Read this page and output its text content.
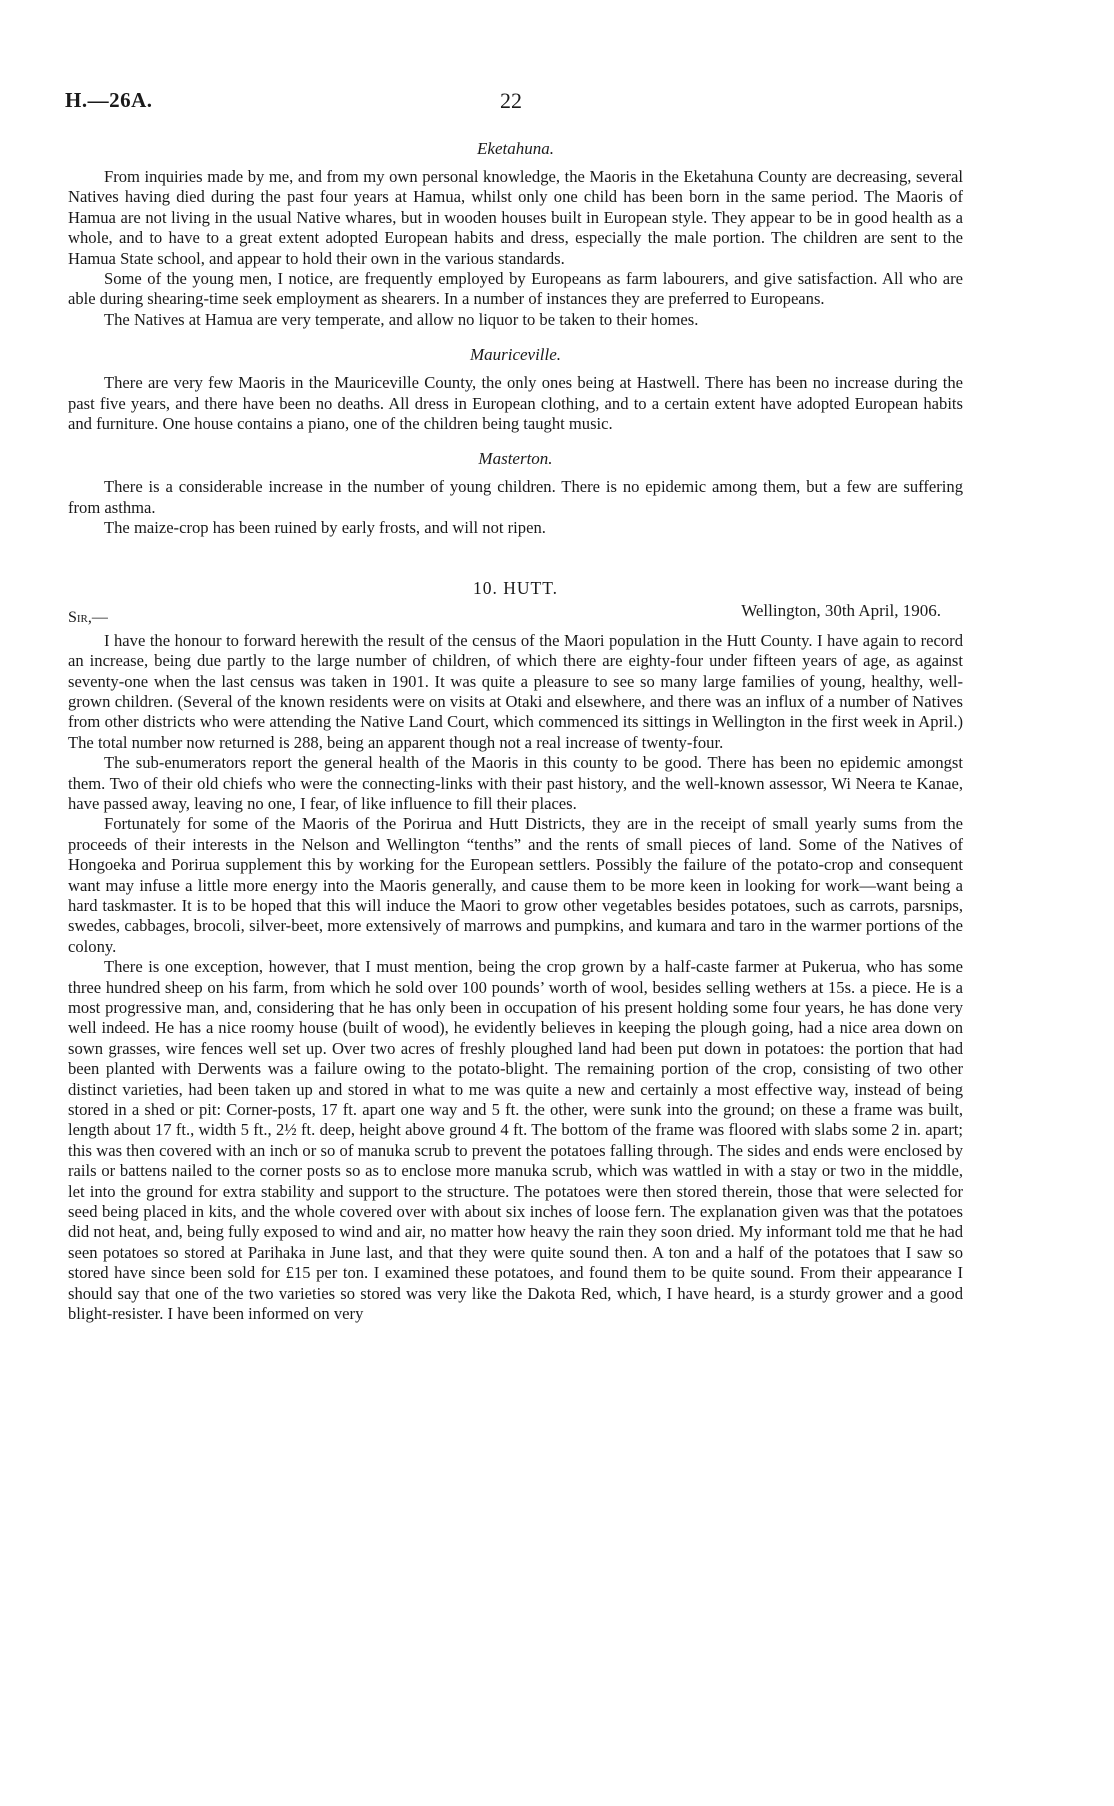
H.—26A.	22
Eketahuna.

From inquiries made by me, and from my own personal knowledge, the Maoris in the Eketahuna County are decreasing, several Natives having died during the past four years at Hamua, whilst only one child has been born in the same period. The Maoris of Hamua are not living in the usual Native whares, but in wooden houses built in European style. They appear to be in good health as a whole, and to have to a great extent adopted European habits and dress, especially the male portion. The children are sent to the Hamua State school, and appear to hold their own in the various standards.

Some of the young men, I notice, are frequently employed by Europeans as farm labourers, and give satisfaction. All who are able during shearing-time seek employment as shearers. In a number of instances they are preferred to Europeans.

The Natives at Hamua are very temperate, and allow no liquor to be taken to their homes.

Mauriceville.

There are very few Maoris in the Mauriceville County, the only ones being at Hastwell. There has been no increase during the past five years, and there have been no deaths. All dress in European clothing, and to a certain extent have adopted European habits and furniture. One house contains a piano, one of the children being taught music.

Masterton.

There is a considerable increase in the number of young children. There is no epidemic among them, but a few are suffering from asthma.

The maize-crop has been ruined by early frosts, and will not ripen.

10. HUTT.
Sir,—	Wellington, 30th April, 1906.

I have the honour to forward herewith the result of the census of the Maori population in the Hutt County. I have again to record an increase, being due partly to the large number of children, of which there are eighty-four under fifteen years of age, as against seventy-one when the last census was taken in 1901. It was quite a pleasure to see so many large families of young, healthy, well-grown children. (Several of the known residents were on visits at Otaki and elsewhere, and there was an influx of a number of Natives from other districts who were attending the Native Land Court, which commenced its sittings in Wellington in the first week in April.) The total number now returned is 288, being an apparent though not a real increase of twenty-four.

The sub-enumerators report the general health of the Maoris in this county to be good. There has been no epidemic amongst them. Two of their old chiefs who were the connecting-links with their past history, and the well-known assessor, Wi Neera te Kanae, have passed away, leaving no one, I fear, of like influence to fill their places.

Fortunately for some of the Maoris of the Porirua and Hutt Districts, they are in the receipt of small yearly sums from the proceeds of their interests in the Nelson and Wellington “tenths” and the rents of small pieces of land. Some of the Natives of Hongoeka and Porirua supplement this by working for the European settlers. Possibly the failure of the potato-crop and consequent want may infuse a little more energy into the Maoris generally, and cause them to be more keen in looking for work—want being a hard taskmaster. It is to be hoped that this will induce the Maori to grow other vegetables besides potatoes, such as carrots, parsnips, swedes, cabbages, brocoli, silver-beet, more extensively of marrows and pumpkins, and kumara and taro in the warmer portions of the colony.

There is one exception, however, that I must mention, being the crop grown by a half-caste farmer at Pukerua, who has some three hundred sheep on his farm, from which he sold over 100 pounds’ worth of wool, besides selling wethers at 15s. a piece. He is a most progressive man, and, considering that he has only been in occupation of his present holding some four years, he has done very well indeed. He has a nice roomy house (built of wood), he evidently believes in keeping the plough going, had a nice area down on sown grasses, wire fences well set up. Over two acres of freshly ploughed land had been put down in potatoes: the portion that had been planted with Derwents was a failure owing to the potato-blight. The remaining portion of the crop, consisting of two other distinct varieties, had been taken up and stored in what to me was quite a new and certainly a most effective way, instead of being stored in a shed or pit: Corner-posts, 17 ft. apart one way and 5 ft. the other, were sunk into the ground; on these a frame was built, length about 17 ft., width 5 ft., 2½ ft. deep, height above ground 4 ft. The bottom of the frame was floored with slabs some 2 in. apart; this was then covered with an inch or so of manuka scrub to prevent the potatoes falling through. The sides and ends were enclosed by rails or battens nailed to the corner posts so as to enclose more manuka scrub, which was wattled in with a stay or two in the middle, let into the ground for extra stability and support to the structure. The potatoes were then stored therein, those that were selected for seed being placed in kits, and the whole covered over with about six inches of loose fern. The explanation given was that the potatoes did not heat, and, being fully exposed to wind and air, no matter how heavy the rain they soon dried. My informant told me that he had seen potatoes so stored at Parihaka in June last, and that they were quite sound then. A ton and a half of the potatoes that I saw so stored have since been sold for £15 per ton. I examined these potatoes, and found them to be quite sound. From their appearance I should say that one of the two varieties so stored was very like the Dakota Red, which, I have heard, is a sturdy grower and a good blight-resister. I have been informed on very
